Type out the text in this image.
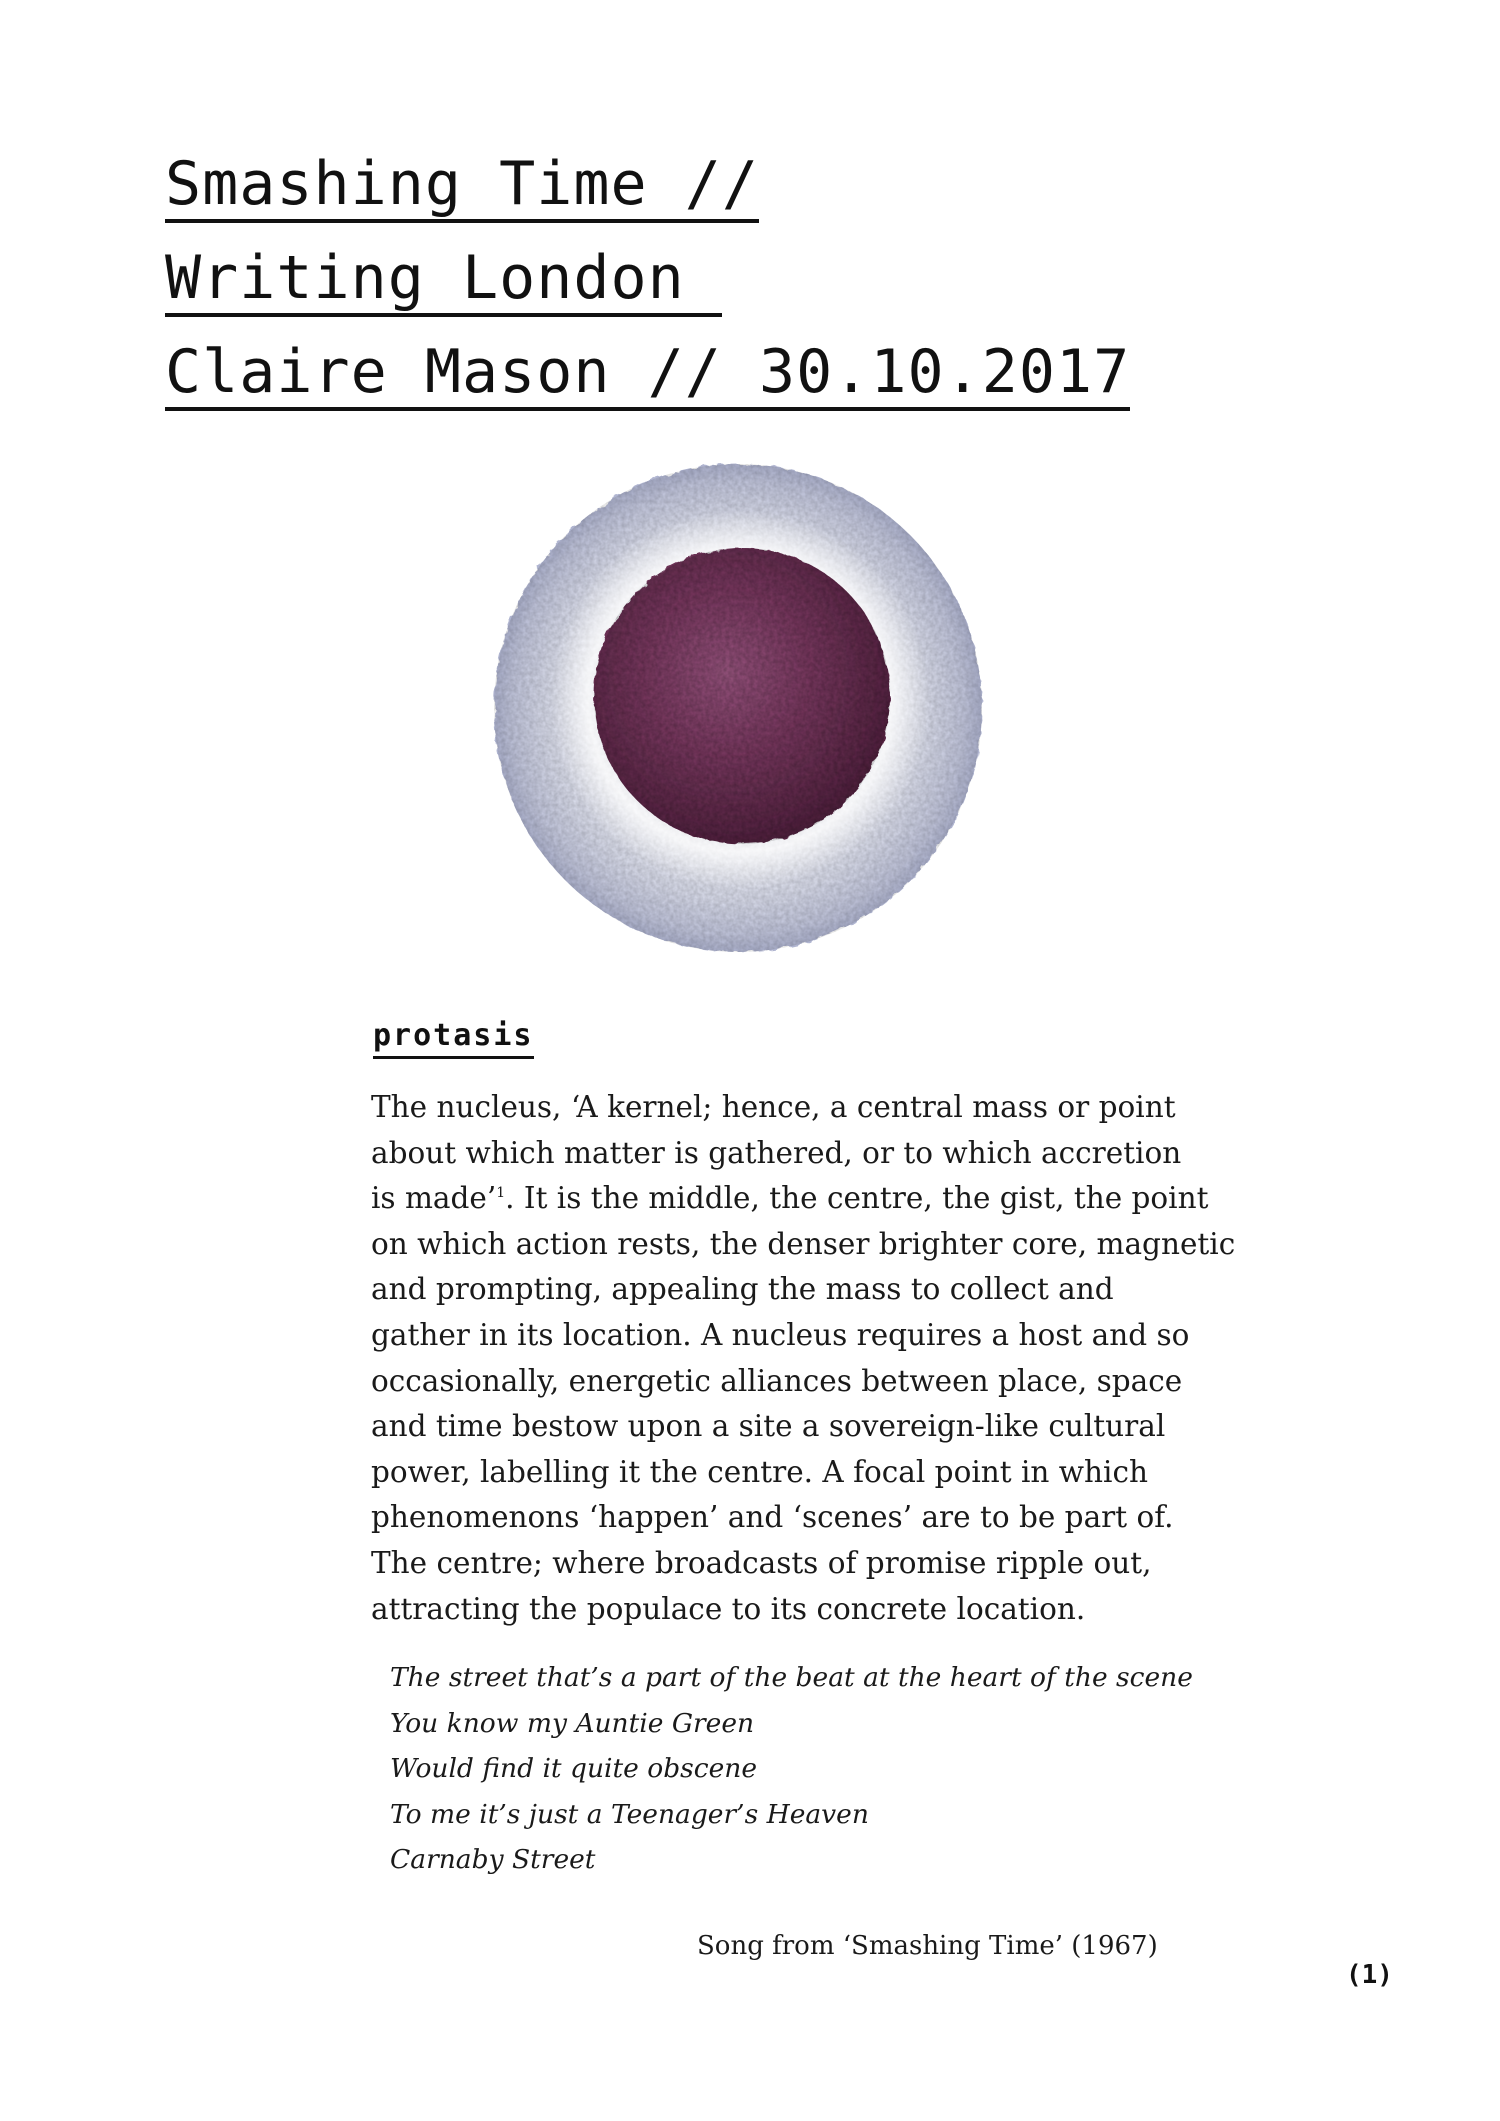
Smashing Time //
Writing London
Claire Mason // 30.10.2017
protasis
The nucleus, ‘A kernel; hence, a central mass or point
about which matter is gathered, or to which accretion
is made’$^1$. It is the middle, the centre, the gist, the point
on which action rests, the denser brighter core, magnetic
and prompting, appealing the mass to collect and
gather in its location. A nucleus requires a host and so
occasionally, energetic alliances between place, space
and time bestow upon a site a sovereign-like cultural
power, labelling it the centre. A focal point in which
phenomenons ‘happen’ and ‘scenes’ are to be part of.
The centre; where broadcasts of promise ripple out,
attracting the populace to its concrete location.
The street that’s a part of the beat at the heart of the scene
You know my Auntie Green
Would find it quite obscene
To me it’s just a Teenager’s Heaven
Carnaby Street
Song from ‘Smashing Time’ (1967)
(1)
